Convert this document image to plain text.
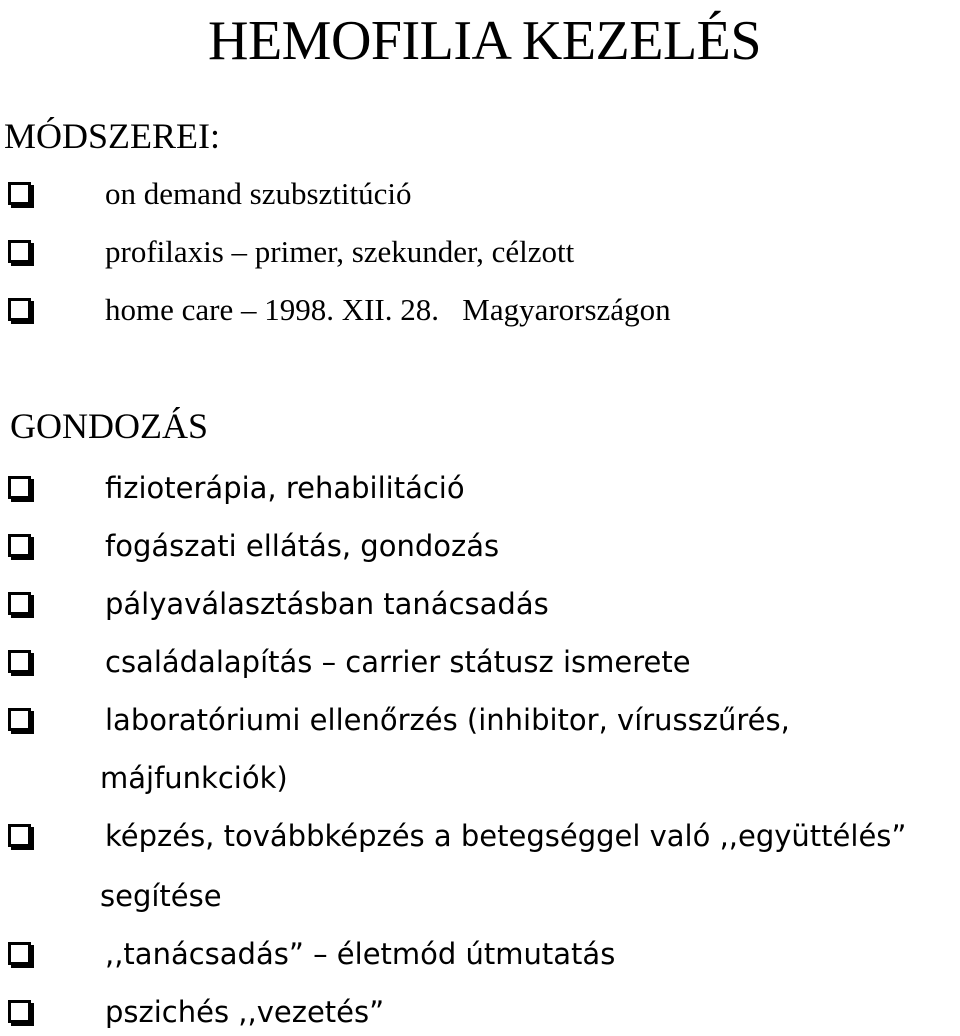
HEMOFILIA KEZELÉS
MÓDSZEREI:
on demand szubsztitúció
profilaxis – primer, szekunder, célzott
home care – 1998. XII. 28.   Magyarországon
GONDOZÁS
fizioterápia, rehabilitáció
fogászati ellátás, gondozás
pályaválasztásban tanácsadás
családalapítás – carrier státusz ismerete
laboratóriumi ellenőrzés (inhibitor, vírusszűrés,
májfunkciók)
képzés, továbbképzés a betegséggel való ,,együttélés”
segítése
,,tanácsadás” – életmód útmutatás
pszichés ,,vezetés”
